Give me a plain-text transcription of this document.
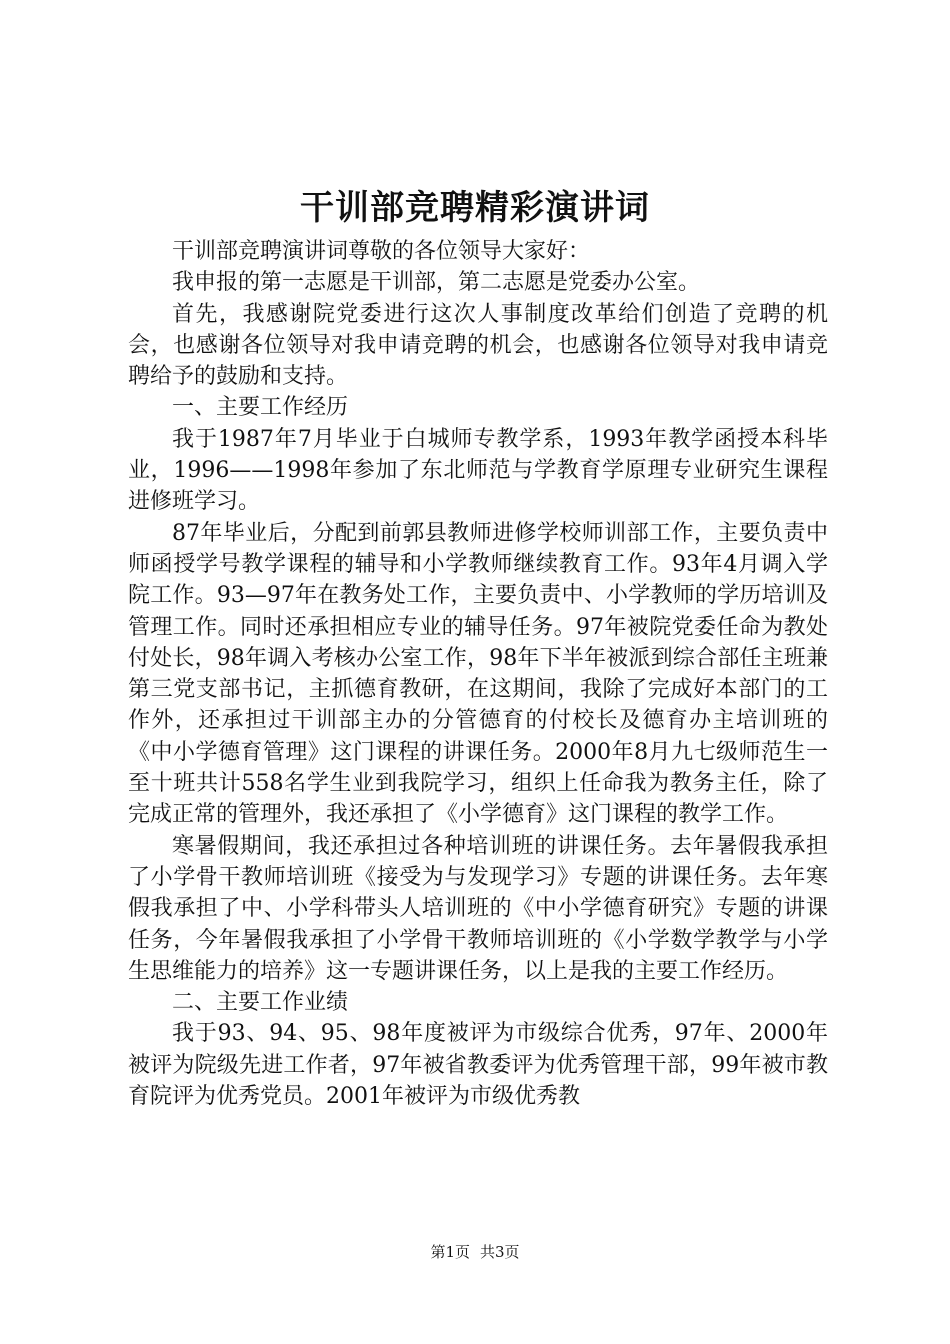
干训部竞聘精彩演讲词

干训部竞聘演讲词尊敬的各位领导大家好：

我申报的第一志愿是干训部，第二志愿是党委办公室。

首先，我感谢院党委进行这次人事制度改革给们创造了竞聘的机会，也感谢各位领导对我申请竞聘的机会，也感谢各位领导对我申请竞聘给予的鼓励和支持。

一、主要工作经历

我于1987年7月毕业于白城师专教学系，1993年教学函授本科毕业，1996——1998年参加了东北师范与学教育学原理专业研究生课程进修班学习。

87年毕业后，分配到前郭县教师进修学校师训部工作，主要负责中师函授学号教学课程的辅导和小学教师继续教育工作。93年4月调入学院工作。93—97年在教务处工作，主要负责中、小学教师的学历培训及管理工作。同时还承担相应专业的辅导任务。97年被院党委任命为教处付处长，98年调入考核办公室工作，98年下半年被派到综合部任主班兼第三党支部书记，主抓德育教研，在这期间，我除了完成好本部门的工作外，还承担过干训部主办的分管德育的付校长及德育办主培训班的《中小学德育管理》这门课程的讲课任务。2000年8月九七级师范生一至十班共计558名学生业到我院学习，组织上任命我为教务主任，除了完成正常的管理外，我还承担了《小学德育》这门课程的教学工作。

寒暑假期间，我还承担过各种培训班的讲课任务。去年暑假我承担了小学骨干教师培训班《接受为与发现学习》专题的讲课任务。去年寒假我承担了中、小学科带头人培训班的《中小学德育研究》专题的讲课任务，今年暑假我承担了小学骨干教师培训班的《小学数学教学与小学生思维能力的培养》这一专题讲课任务，以上是我的主要工作经历。

二、主要工作业绩

我于93、94、95、98年度被评为市级综合优秀，97年、2000年被评为院级先进工作者，97年被省教委评为优秀管理干部，99年被市教育院评为优秀党员。2001年被评为市级优秀教

第1页 共3页
